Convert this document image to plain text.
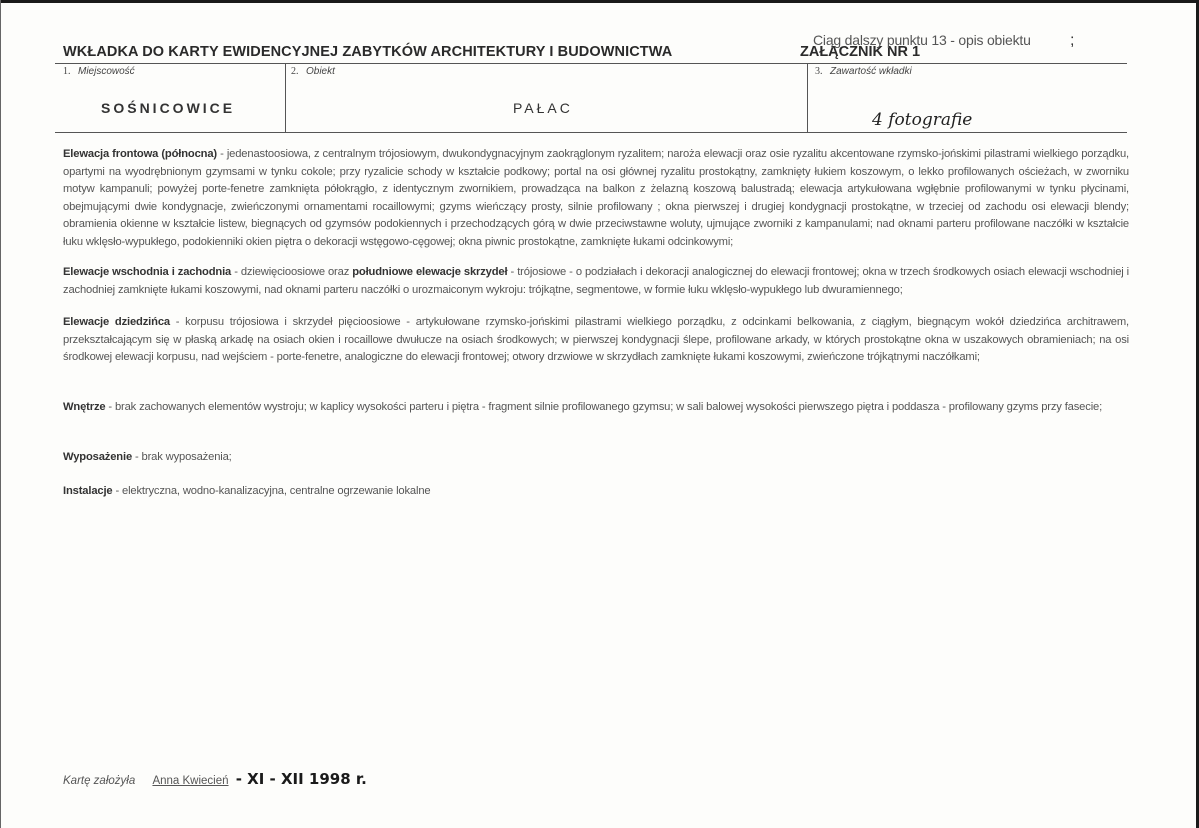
WKŁADKA DO KARTY EWIDENCYJNEJ ZABYTKÓW ARCHITEKTURY I BUDOWNICTWA	ZAŁĄCZNIK NR 1
1. Miejscowość
SOŚNICOWICE
2. Obiekt
PAŁAC
3. Zawartość wkładki
Ciąg dalszy punktu 13 - opis obiektu ;
4 fotografie
Elewacja frontowa (północna) - jedenastoosiowa, z centralnym trójosiowym, dwukondygnacyjnym zaokrąglonym ryzalitem; naroża elewacji oraz osie ryzalitu akcentowane rzymsko-jońskimi pilastrami wielkiego porządku, opartymi na wyodrębnionym gzymsami w tynku cokole; przy ryzalicie schody w kształcie podkowy; portal na osi głównej ryzalitu prostokątny, zamknięty łukiem koszowym, o lekko profilowanych ościeżach, w zworniku motyw kampanuli; powyżej porte-fenetre zamknięta półokrągło, z identycznym zwornikiem, prowadząca na balkon z żelazną koszową balustradą; elewacja artykułowana wgłębnie profilowanymi w tynku płycinami, obejmującymi dwie kondygnacje, zwieńczonymi ornamentami rocaillowymi; gzyms wieńczący prosty, silnie profilowany ; okna pierwszej i drugiej kondygnacji prostokątne, w trzeciej od zachodu osi elewacji blendy; obramienia okienne w kształcie listew, biegnących od gzymsów podokiennych i przechodzących górą w dwie przeciwstawne woluty, ujmujące zworniki z kampanulami; nad oknami parteru profilowane naczółki w kształcie łuku wklęsło-wypukłego, podokienniki okien piętra o dekoracji wstęgowo-cęgowej; okna piwnic prostokątne, zamknięte łukami odcinkowymi;
Elewacje wschodnia i zachodnia - dziewięcioosiowe oraz południowe elewacje skrzydeł - trójosiowe - o podziałach i dekoracji analogicznej do elewacji frontowej; okna w trzech środkowych osiach elewacji wschodniej i zachodniej zamknięte łukami koszowymi, nad oknami parteru naczółki o urozmaiconym wykroju: trójkątne, segmentowe, w formie łuku wklęsło-wypukłego lub dwuramiennego;
Elewacje dziedzińca - korpusu trójosiowa i skrzydeł pięcioosiowe - artykułowane rzymsko-jońskimi pilastrami wielkiego porządku, z odcinkami belkowania, z ciągłym, biegnącym wokół dziedzińca architrawem, przekształcającym się w płaską arkadę na osiach okien i rocaillowe dwułucze na osiach środkowych; w pierwszej kondygnacji ślepe, profilowane arkady, w których prostokątne okna w uszakowych obramieniach; na osi środkowej elewacji korpusu, nad wejściem - porte-fenetre, analogiczne do elewacji frontowej; otwory drzwiowe w skrzydłach zamknięte łukami koszowymi, zwieńczone trójkątnymi naczółkami;
Wnętrze - brak zachowanych elementów wystroju; w kaplicy wysokości parteru i piętra - fragment silnie profilowanego gzymsu; w sali balowej wysokości pierwszego piętra i poddasza - profilowany gzyms przy fasecie;
Wyposażenie - brak wyposażenia;
Instalacje - elektryczna, wodno-kanalizacyjna, centralne ogrzewanie lokalne
Kartę założyła Anna Kwiecień - XI - XII 1998 r.
